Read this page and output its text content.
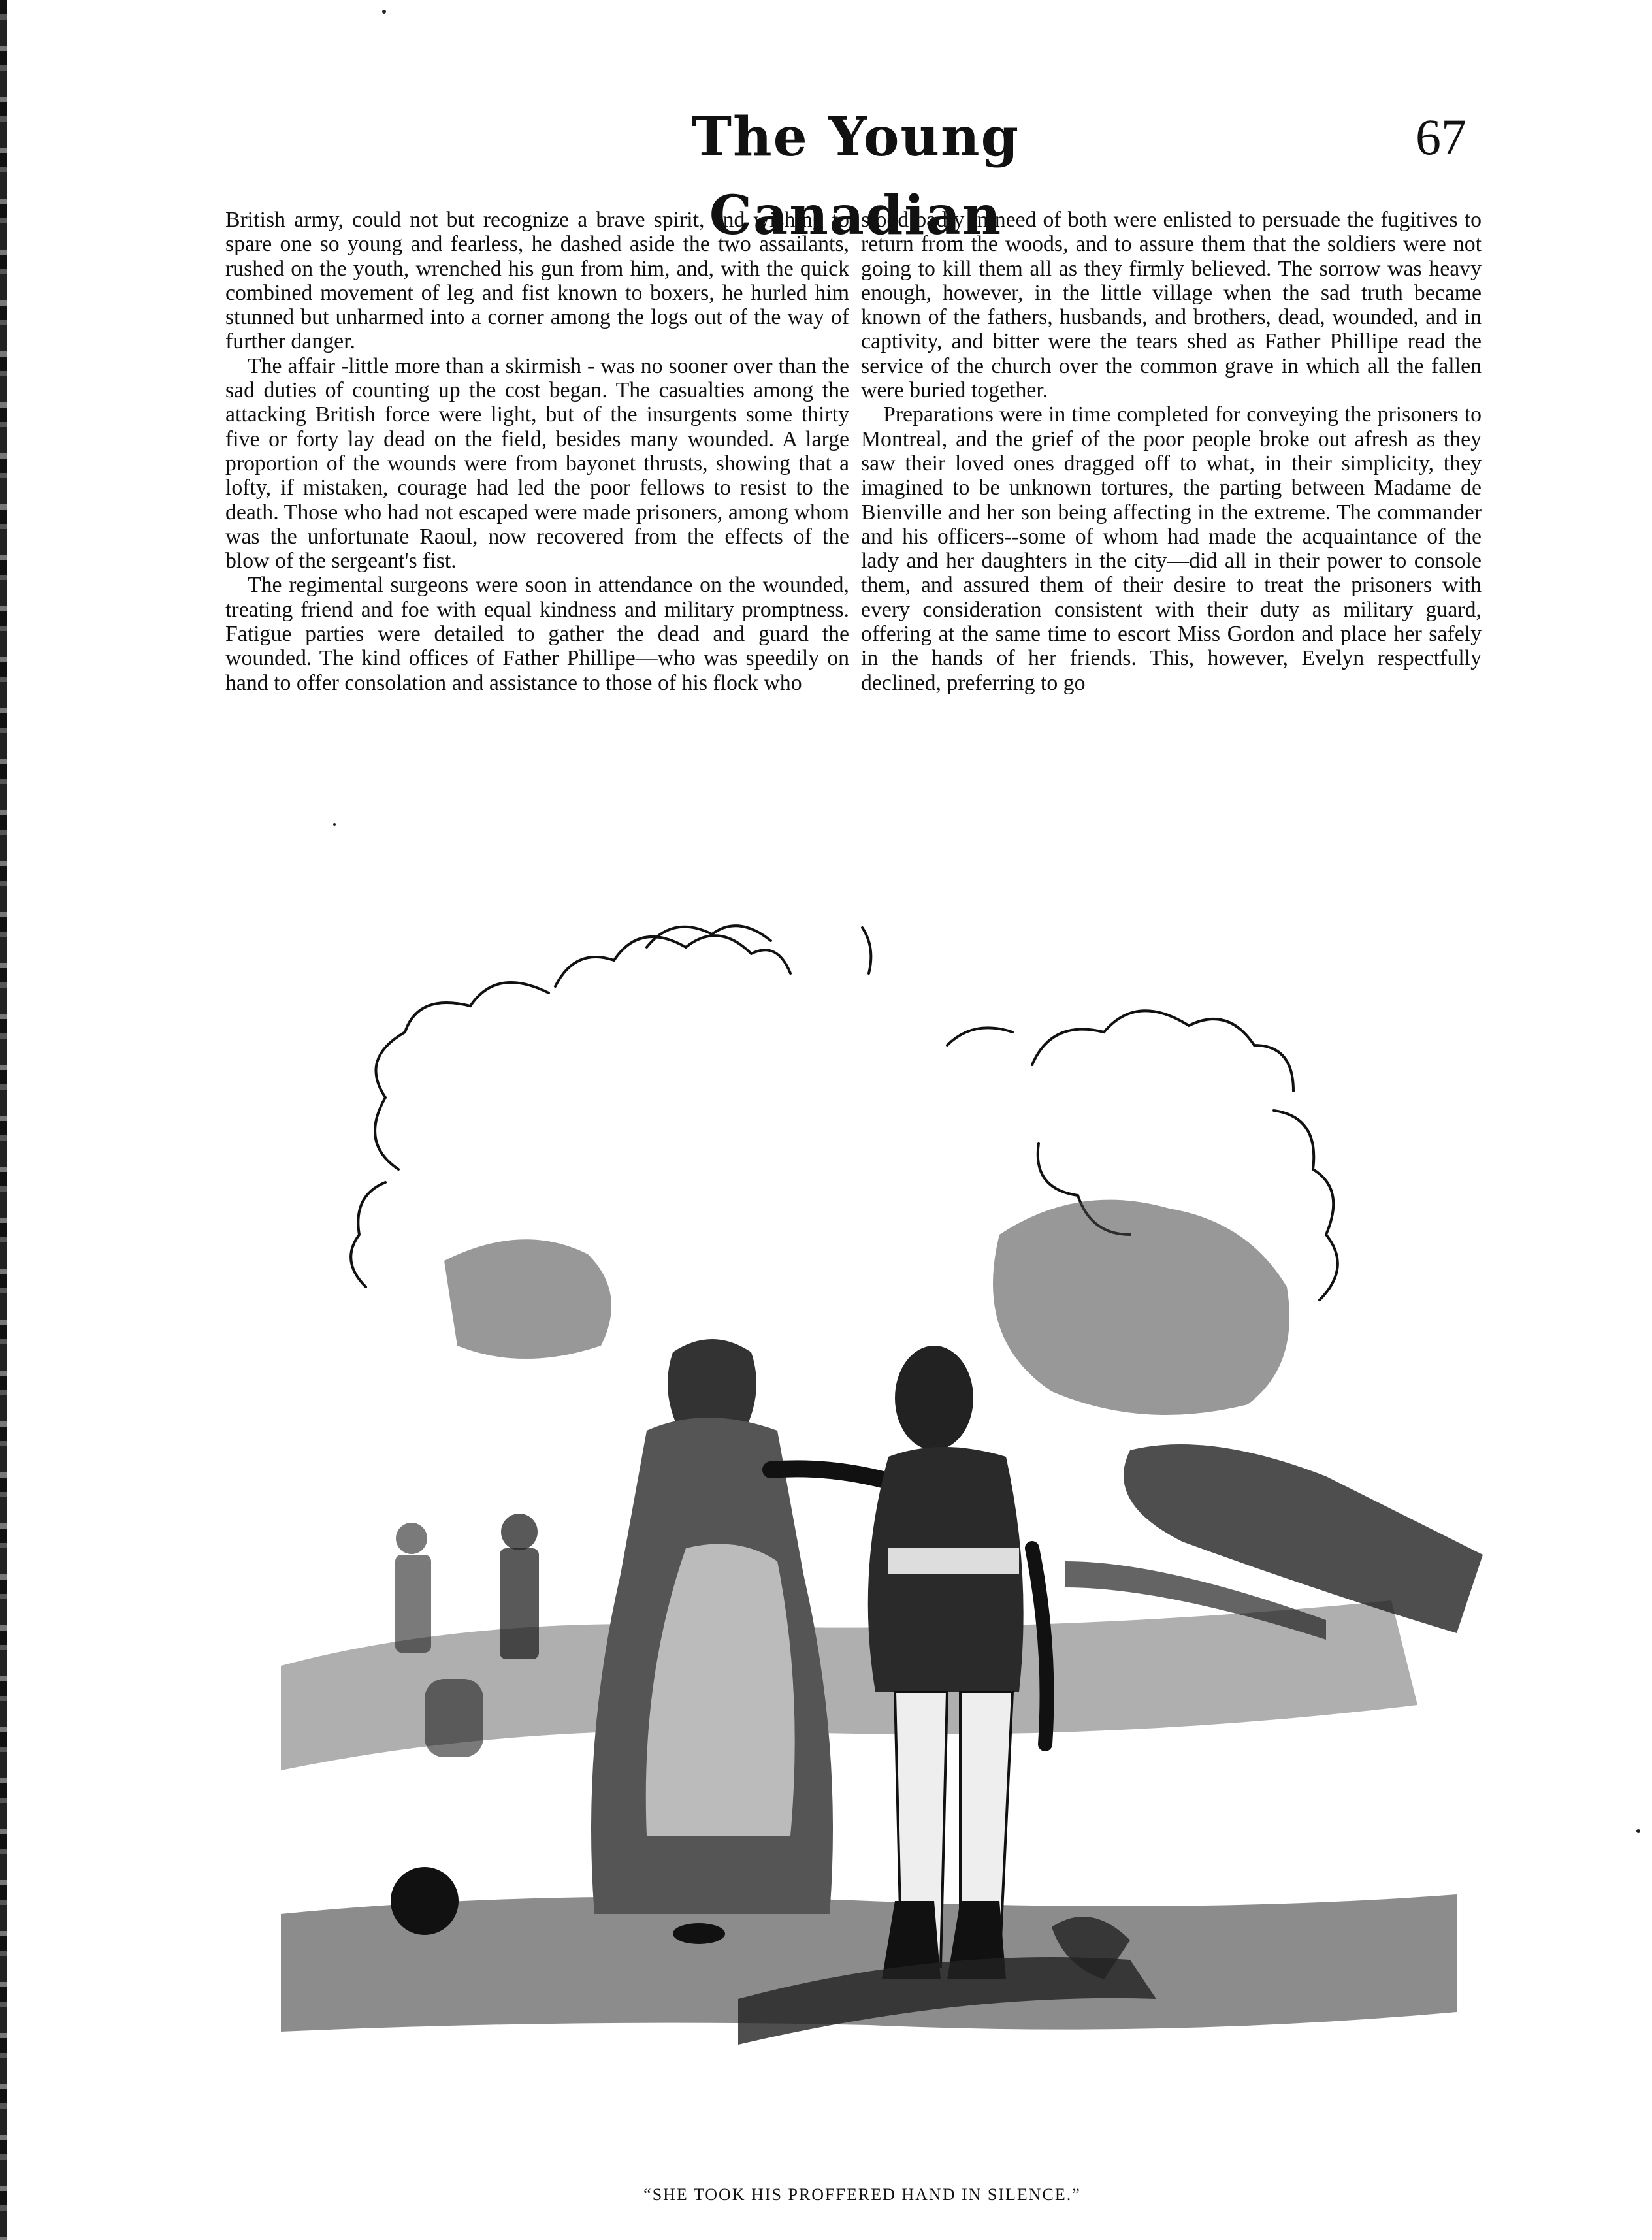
The Young Canadian
67

British army, could not but recognize a brave spirit, and wishing to spare one so young and fearless, he dashed aside the two assailants, rushed on the youth, wrenched his gun from him, and, with the quick combined movement of leg and fist known to boxers, he hurled him stunned but unharmed into a corner among the logs out of the way of further danger.

The affair -little more than a skirmish - was no sooner over than the sad duties of counting up the cost began. The casualties among the attacking British force were light, but of the insurgents some thirty five or forty lay dead on the field, besides many wounded. A large proportion of the wounds were from bayonet thrusts, showing that a lofty, if mistaken, courage had led the poor fellows to resist to the death. Those who had not escaped were made prisoners, among whom was the unfortunate Raoul, now recovered from the effects of the blow of the sergeant's fist.

The regimental surgeons were soon in attendance on the wounded, treating friend and foe with equal kindness and military promptness. Fatigue parties were detailed to gather the dead and guard the wounded. The kind offices of Father Phillipe—who was speedily on hand to offer consolation and assistance to those of his flock who

stood badly in need of both were enlisted to persuade the fugitives to return from the woods, and to assure them that the soldiers were not going to kill them all as they firmly believed. The sorrow was heavy enough, however, in the little village when the sad truth became known of the fathers, husbands, and brothers, dead, wounded, and in captivity, and bitter were the tears shed as Father Phillipe read the service of the church over the common grave in which all the fallen were buried together.

Preparations were in time completed for conveying the prisoners to Montreal, and the grief of the poor people broke out afresh as they saw their loved ones dragged off to what, in their simplicity, they imagined to be unknown tortures, the parting between Madame de Bienville and her son being affecting in the extreme. The commander and his officers--some of whom had made the acquaintance of the lady and her daughters in the city—did all in their power to console them, and assured them of their desire to treat the prisoners with every consideration consistent with their duty as military guard, offering at the same time to escort Miss Gordon and place her safely in the hands of her friends. This, however, Evelyn respectfully declined, preferring to go

“SHE TOOK HIS PROFFERED HAND IN SILENCE.”
